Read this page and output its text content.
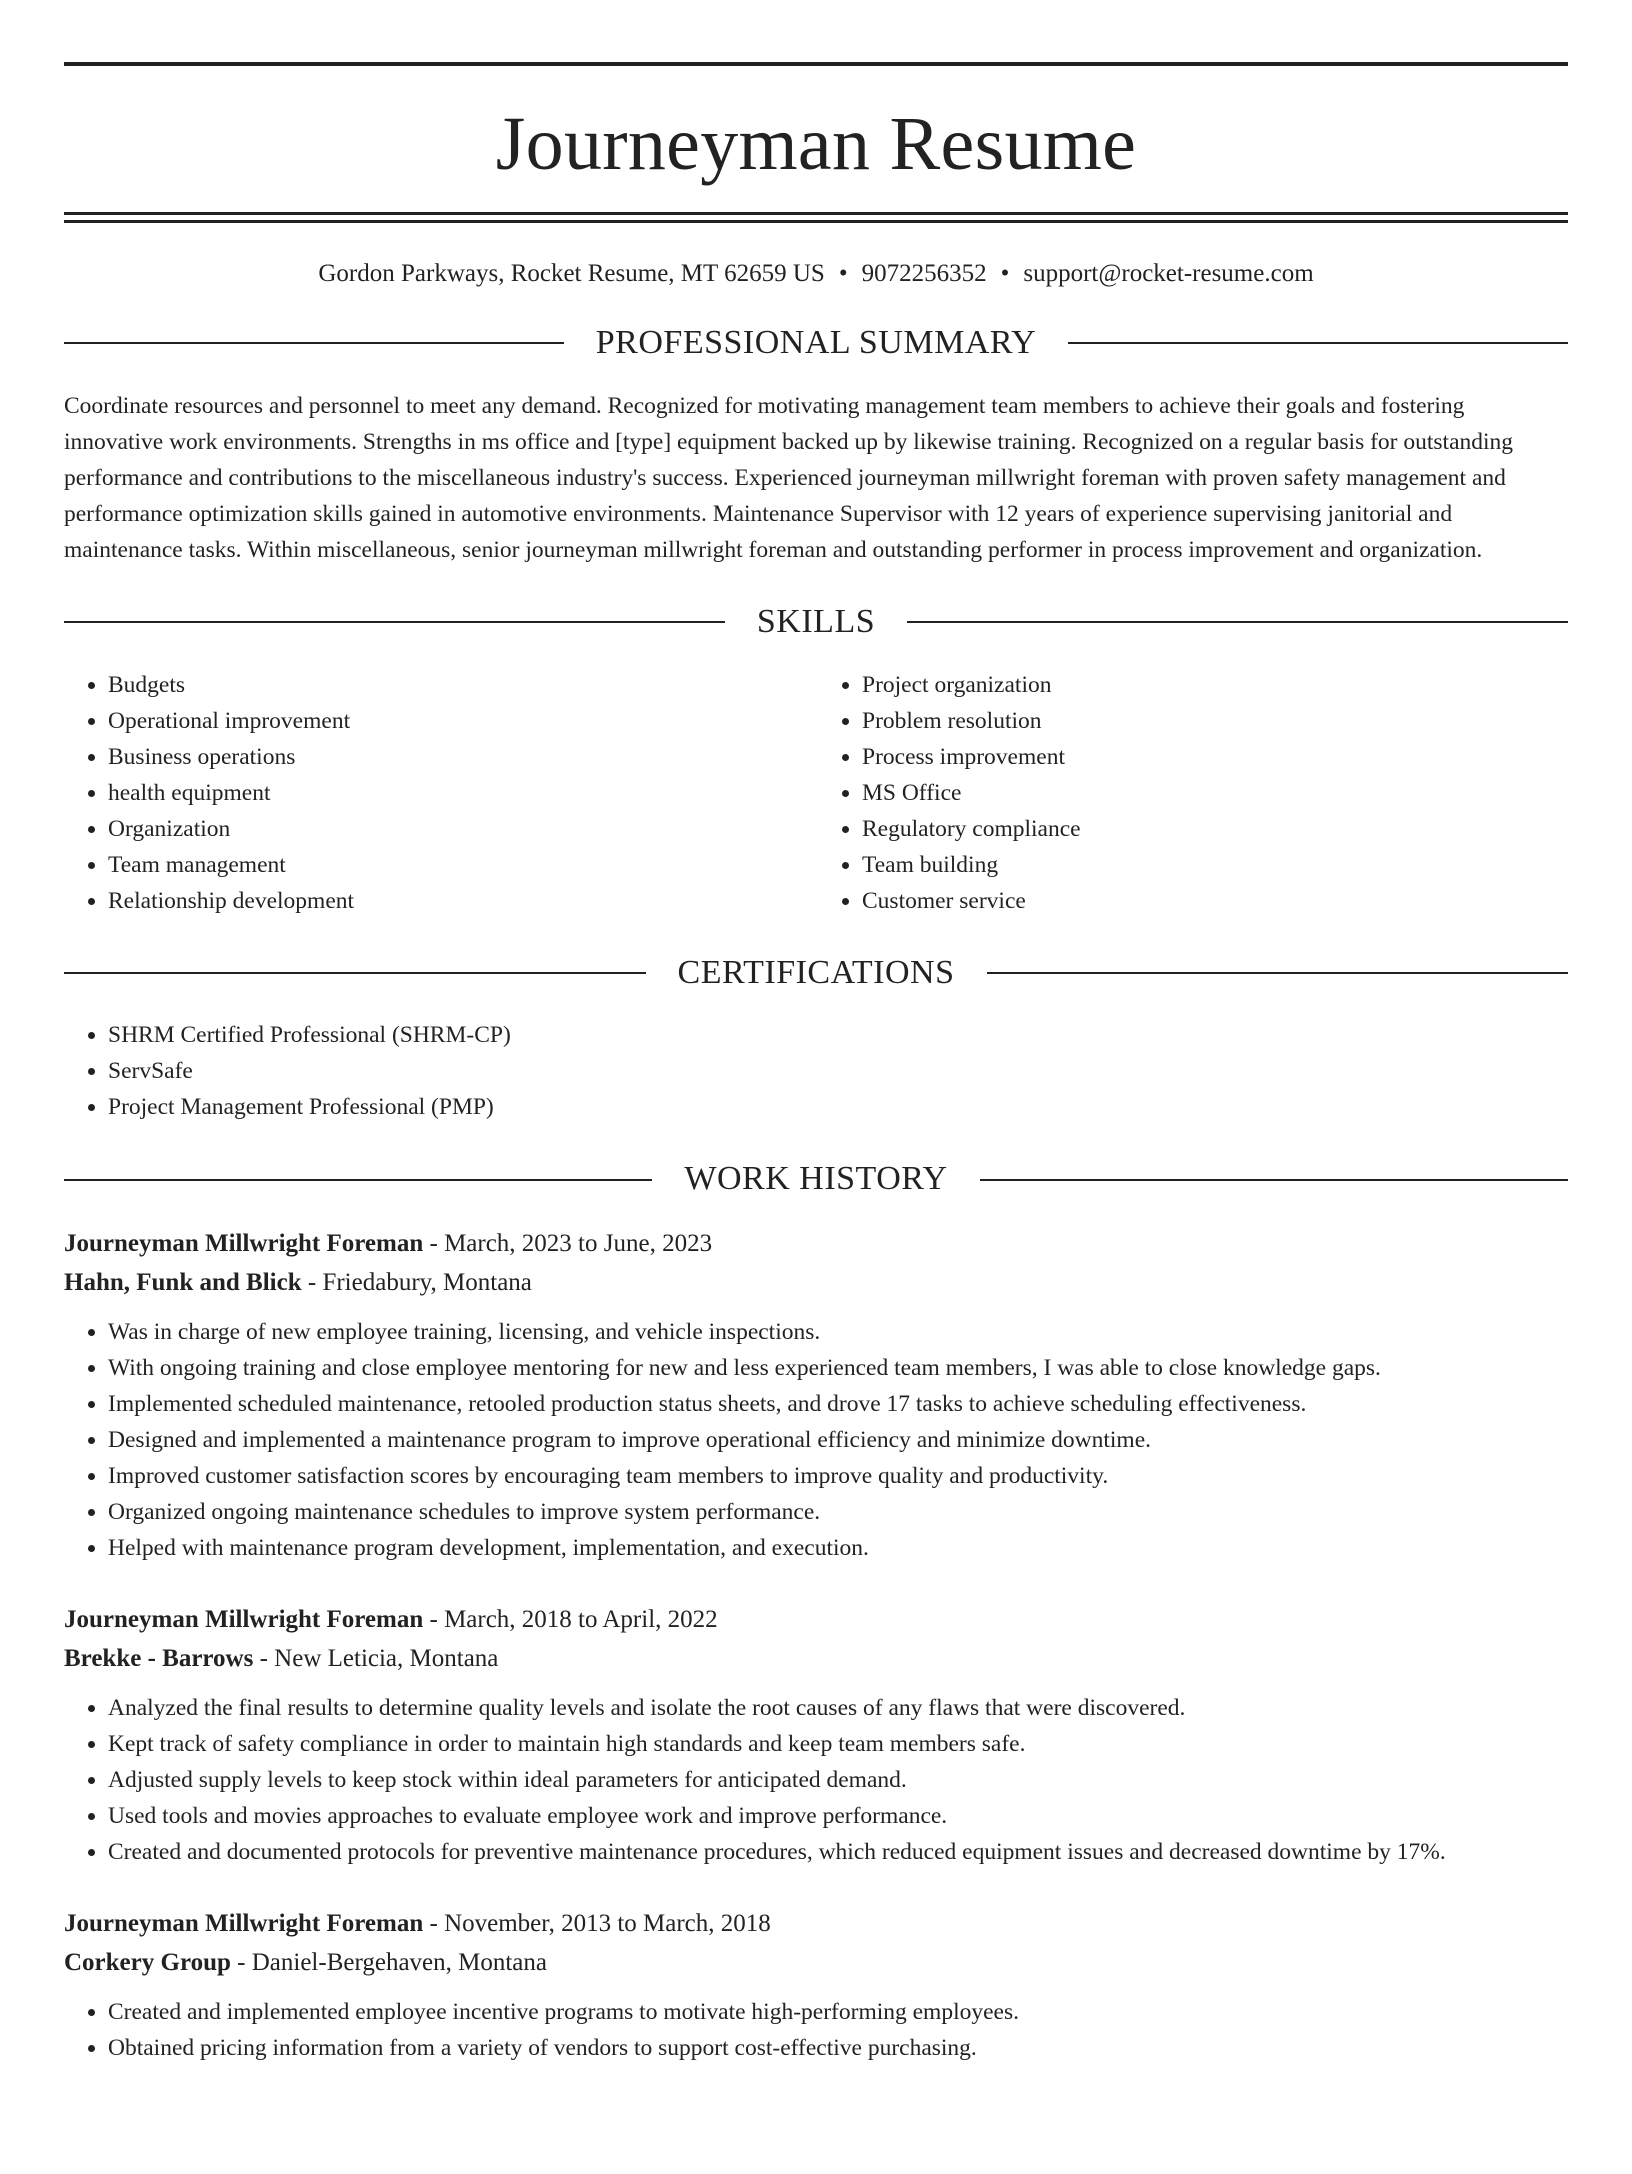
Journeyman Resume
Gordon Parkways, Rocket Resume, MT 62659 US • 9072256352 • support@rocket-resume.com
PROFESSIONAL SUMMARY
Coordinate resources and personnel to meet any demand. Recognized for motivating management team members to achieve their goals and fostering innovative work environments. Strengths in ms office and [type] equipment backed up by likewise training. Recognized on a regular basis for outstanding performance and contributions to the miscellaneous industry's success. Experienced journeyman millwright foreman with proven safety management and performance optimization skills gained in automotive environments. Maintenance Supervisor with 12 years of experience supervising janitorial and maintenance tasks. Within miscellaneous, senior journeyman millwright foreman and outstanding performer in process improvement and organization.
SKILLS
• Budgets
• Operational improvement
• Business operations
• health equipment
• Organization
• Team management
• Relationship development
• Project organization
• Problem resolution
• Process improvement
• MS Office
• Regulatory compliance
• Team building
• Customer service
CERTIFICATIONS
• SHRM Certified Professional (SHRM-CP)
• ServSafe
• Project Management Professional (PMP)
WORK HISTORY
Journeyman Millwright Foreman - March, 2023 to June, 2023
Hahn, Funk and Blick - Friedabury, Montana
• Was in charge of new employee training, licensing, and vehicle inspections.
• With ongoing training and close employee mentoring for new and less experienced team members, I was able to close knowledge gaps.
• Implemented scheduled maintenance, retooled production status sheets, and drove 17 tasks to achieve scheduling effectiveness.
• Designed and implemented a maintenance program to improve operational efficiency and minimize downtime.
• Improved customer satisfaction scores by encouraging team members to improve quality and productivity.
• Organized ongoing maintenance schedules to improve system performance.
• Helped with maintenance program development, implementation, and execution.
Journeyman Millwright Foreman - March, 2018 to April, 2022
Brekke - Barrows - New Leticia, Montana
• Analyzed the final results to determine quality levels and isolate the root causes of any flaws that were discovered.
• Kept track of safety compliance in order to maintain high standards and keep team members safe.
• Adjusted supply levels to keep stock within ideal parameters for anticipated demand.
• Used tools and movies approaches to evaluate employee work and improve performance.
• Created and documented protocols for preventive maintenance procedures, which reduced equipment issues and decreased downtime by 17%.
Journeyman Millwright Foreman - November, 2013 to March, 2018
Corkery Group - Daniel-Bergehaven, Montana
• Created and implemented employee incentive programs to motivate high-performing employees.
• Obtained pricing information from a variety of vendors to support cost-effective purchasing.
